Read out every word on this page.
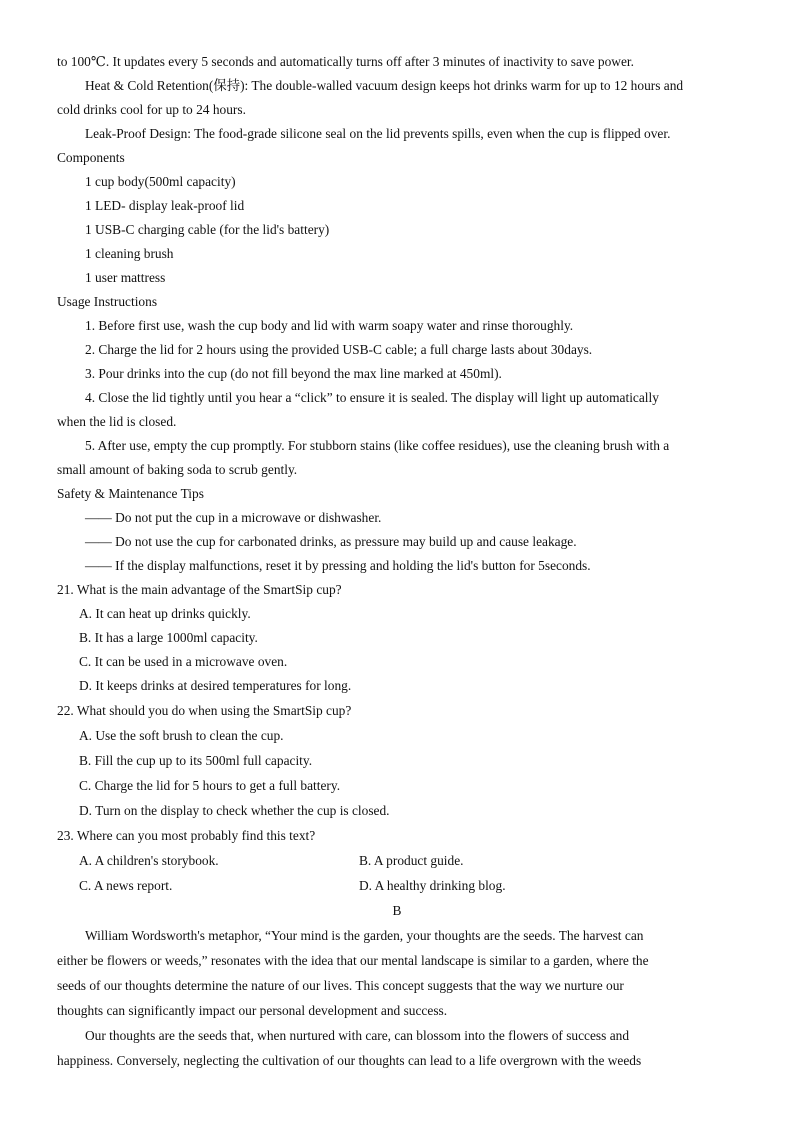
to 100℃. It updates every 5 seconds and automatically turns off after 3 minutes of inactivity to save power.
Heat & Cold Retention(保持): The double-walled vacuum design keeps hot drinks warm for up to 12 hours and
cold drinks cool for up to 24 hours.
Leak-Proof Design: The food-grade silicone seal on the lid prevents spills, even when the cup is flipped over.
Components
1 cup body(500ml capacity)
1 LED- display leak-proof lid
1 USB-C charging cable (for the lid's battery)
1 cleaning brush
1 user mattress
Usage Instructions
1. Before first use, wash the cup body and lid with warm soapy water and rinse thoroughly.
2. Charge the lid for 2 hours using the provided USB-C cable; a full charge lasts about 30days.
3. Pour drinks into the cup (do not fill beyond the max line marked at 450ml).
4. Close the lid tightly until you hear a “click” to ensure it is sealed. The display will light up automatically
when the lid is closed.
5. After use, empty the cup promptly. For stubborn stains (like coffee residues), use the cleaning brush with a
small amount of baking soda to scrub gently.
Safety & Maintenance Tips
—— Do not put the cup in a microwave or dishwasher.
—— Do not use the cup for carbonated drinks, as pressure may build up and cause leakage.
—— If the display malfunctions, reset it by pressing and holding the lid's button for 5seconds.
21. What is the main advantage of the SmartSip cup?
A. It can heat up drinks quickly.
B. It has a large 1000ml capacity.
C. It can be used in a microwave oven.
D. It keeps drinks at desired temperatures for long.
22. What should you do when using the SmartSip cup?
A. Use the soft brush to clean the cup.
B. Fill the cup up to its 500ml full capacity.
C. Charge the lid for 5 hours to get a full battery.
D. Turn on the display to check whether the cup is closed.
23. Where can you most probably find this text?
A. A children's storybook.	B. A product guide.
C. A news report.	D. A healthy drinking blog.
B
William Wordsworth's metaphor, “Your mind is the garden, your thoughts are the seeds. The harvest can
either be flowers or weeds,” resonates with the idea that our mental landscape is similar to a garden, where the
seeds of our thoughts determine the nature of our lives. This concept suggests that the way we nurture our
thoughts can significantly impact our personal development and success.
Our thoughts are the seeds that, when nurtured with care, can blossom into the flowers of success and
happiness. Conversely, neglecting the cultivation of our thoughts can lead to a life overgrown with the weeds
